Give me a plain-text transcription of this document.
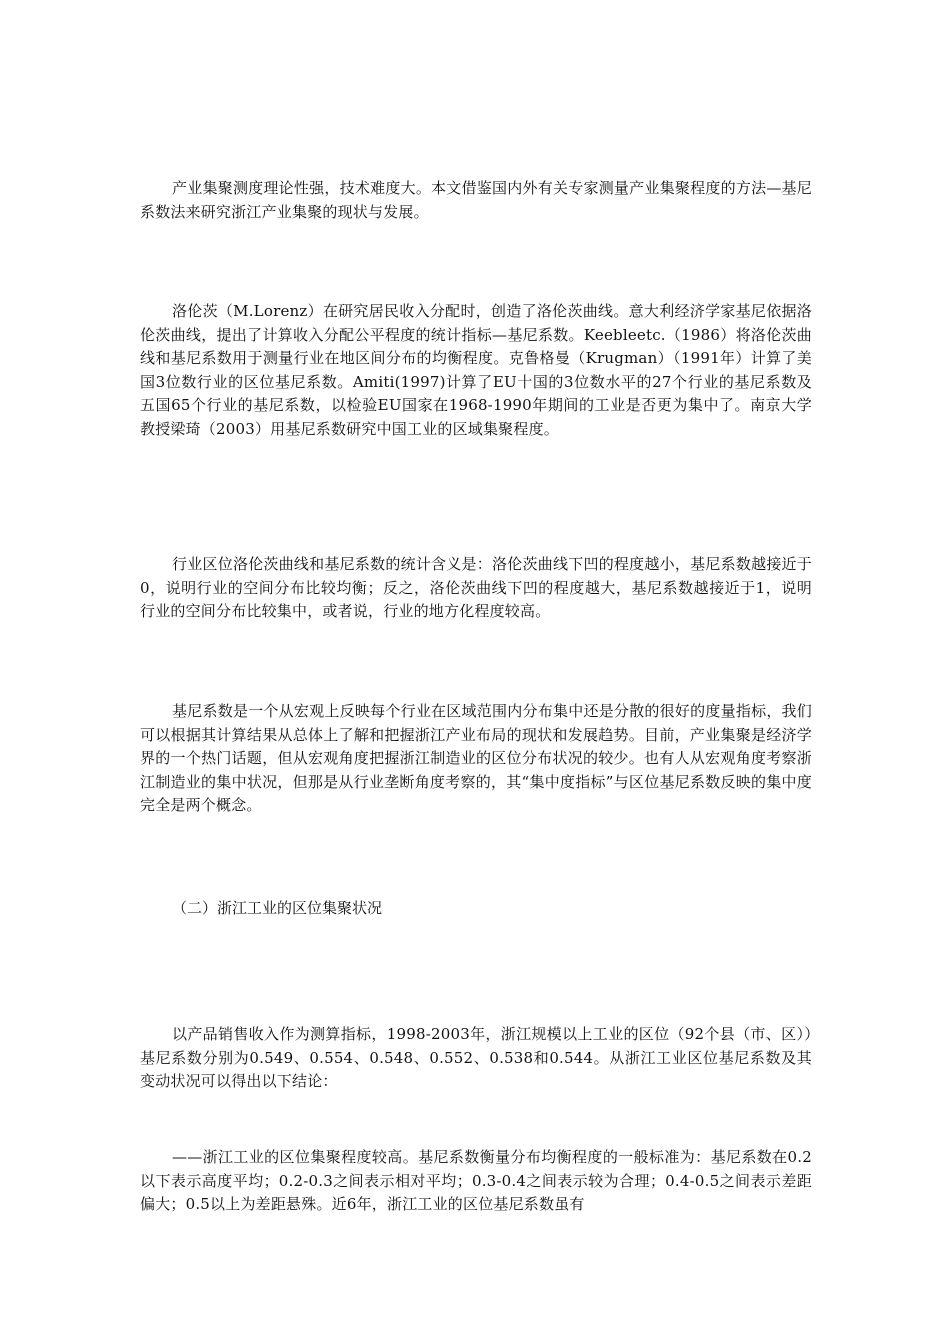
产业集聚测度理论性强，技术难度大。本文借鉴国内外有关专家测量产业集聚程度的方法—基尼系数法来研究浙江产业集聚的现状与发展。

洛伦茨（M.Lorenz）在研究居民收入分配时，创造了洛伦茨曲线。意大利经济学家基尼依据洛伦茨曲线，提出了计算收入分配公平程度的统计指标—基尼系数。Keebleetc.（1986）将洛伦茨曲线和基尼系数用于测量行业在地区间分布的均衡程度。克鲁格曼（Krugman）（1991年）计算了美国3位数行业的区位基尼系数。Amiti(1997)计算了EU十国的3位数水平的27个行业的基尼系数及五国65个行业的基尼系数，以检验EU国家在1968-1990年期间的工业是否更为集中了。南京大学教授梁琦（2003）用基尼系数研究中国工业的区域集聚程度。

行业区位洛伦茨曲线和基尼系数的统计含义是：洛伦茨曲线下凹的程度越小，基尼系数越接近于0，说明行业的空间分布比较均衡；反之，洛伦茨曲线下凹的程度越大，基尼系数越接近于1，说明行业的空间分布比较集中，或者说，行业的地方化程度较高。

基尼系数是一个从宏观上反映每个行业在区域范围内分布集中还是分散的很好的度量指标，我们可以根据其计算结果从总体上了解和把握浙江产业布局的现状和发展趋势。目前，产业集聚是经济学界的一个热门话题，但从宏观角度把握浙江制造业的区位分布状况的较少。也有人从宏观角度考察浙江制造业的集中状况，但那是从行业垄断角度考察的，其“集中度指标”与区位基尼系数反映的集中度完全是两个概念。

（二）浙江工业的区位集聚状况

以产品销售收入作为测算指标，1998-2003年，浙江规模以上工业的区位（92个县（市、区））基尼系数分别为0.549、0.554、0.548、0.552、0.538和0.544。从浙江工业区位基尼系数及其变动状况可以得出以下结论：

——浙江工业的区位集聚程度较高。基尼系数衡量分布均衡程度的一般标准为：基尼系数在0.2以下表示高度平均；0.2-0.3之间表示相对平均；0.3-0.4之间表示较为合理；0.4-0.5之间表示差距偏大；0.5以上为差距悬殊。近6年，浙江工业的区位基尼系数虽有
